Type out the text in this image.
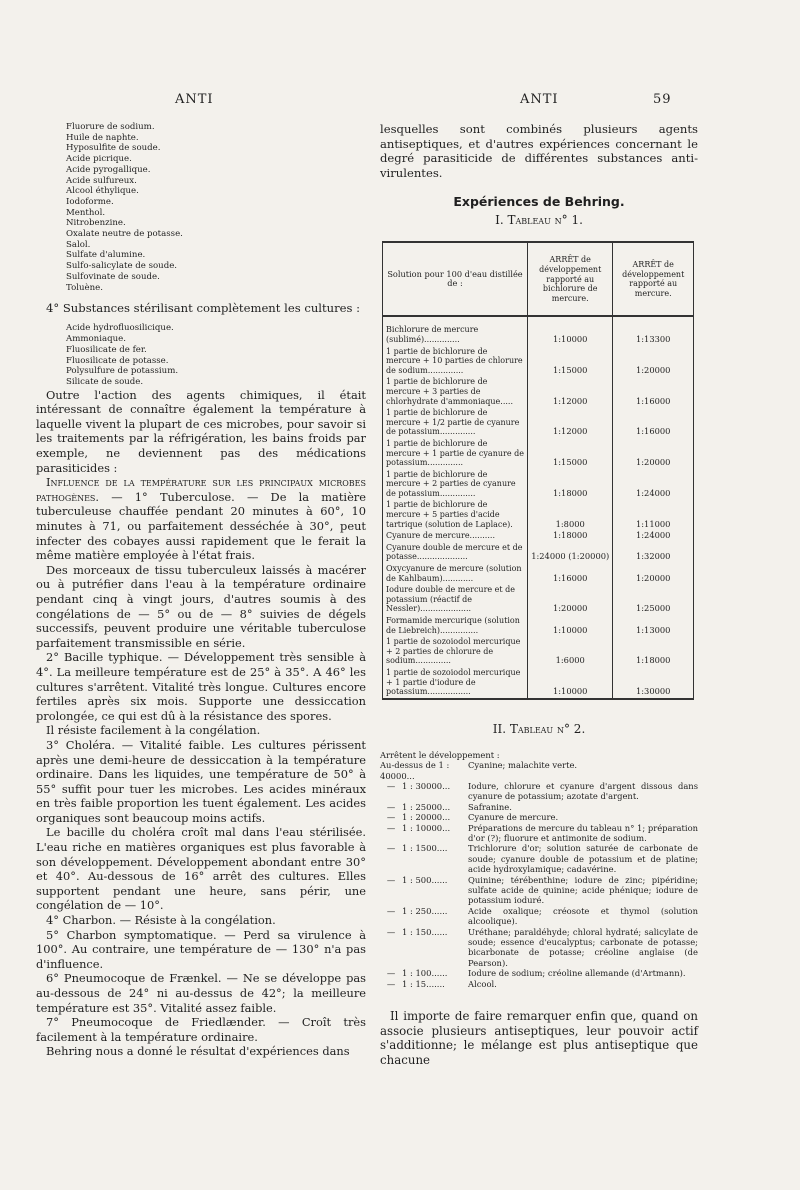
ANTI	ANTI	59
Fluorure de sodium.
Huile de naphte.
Hyposulfite de soude.
Acide picrique.
Acide pyrogallique.
Acide sulfureux.
Alcool éthylique.
Iodoforme.
Menthol.
Nitrobenzine.
Oxalate neutre de potasse.
Salol.
Sulfate d'alumine.
Sulfo-salicylate de soude.
Sulfovinate de soude.
Toluène.

4° Substances stérilisant complètement les cultures :

Acide hydrofluosilicique.
Ammoniaque.
Fluosilicate de fer.
Fluosilicate de potasse.
Polysulfure de potassium.
Silicate de soude.

Outre l'action des agents chimiques, il était intéressant de connaître également la température à laquelle vivent la plupart de ces microbes, pour savoir si les traitements par la réfrigération, les bains froids par exemple, ne deviennent pas des médications parasiticides :

Influence de la température sur les principaux microbes pathogènes. — 1° Tuberculose. — De la matière tuberculeuse chauffée pendant 20 minutes à 60°, 10 minutes à 71, ou parfaitement desséchée à 30°, peut infecter des cobayes aussi rapidement que le ferait la même matière employée à l'état frais.

Des morceaux de tissu tuberculeux laissés à macérer ou à putréfier dans l'eau à la température ordinaire pendant cinq à vingt jours, d'autres soumis à des congélations de — 5° ou de — 8° suivies de dégels successifs, peuvent produire une véritable tuberculose parfaitement transmissible en série.

2° Bacille typhique. — Développement très sensible à 4°. La meilleure température est de 25° à 35°. A 46° les cultures s'arrêtent. Vitalité très longue. Cultures encore fertiles après six mois. Supporte une dessiccation prolongée, ce qui est dû à la résistance des spores.

Il résiste facilement à la congélation.

3° Choléra. — Vitalité faible. Les cultures périssent après une demi-heure de dessiccation à la température ordinaire. Dans les liquides, une température de 50° à 55° suffit pour tuer les microbes. Les acides minéraux en très faible proportion les tuent également. Les acides organiques sont beaucoup moins actifs.

Le bacille du choléra croît mal dans l'eau stérilisée. L'eau riche en matières organiques est plus favorable à son développement. Développement abondant entre 30° et 40°. Au-dessous de 16° arrêt des cultures. Elles supportent pendant une heure, sans périr, une congélation de — 10°.

4° Charbon. — Résiste à la congélation.

5° Charbon symptomatique. — Perd sa virulence à 100°. Au contraire, une température de — 130° n'a pas d'influence.

6° Pneumocoque de Frænkel. — Ne se développe pas au-dessous de 24° ni au-dessus de 42°; la meilleure température est 35°. Vitalité assez faible.

7° Pneumocoque de Friedlænder. — Croît très facilement à la température ordinaire.

Behring nous a donné le résultat d'expériences dans

lesquelles sont combinés plusieurs agents antiseptiques, et d'autres expériences concernant le degré parasiticide de différentes substances anti-virulentes.

Expériences de Behring.
I. Tableau n° 1.
Solution pour 100 d'eau distillée de :	ARRÊT de développement rapporté au bichlorure de mercure.	ARRÊT de développement rapporté au mercure.
Bichlorure de mercure (sublimé)..............	1:10000	1:13300
1 partie de bichlorure de mercure + 10 parties de chlorure de sodium..............	1:15000	1:20000
1 partie de bichlorure de mercure + 3 parties de chlorhydrate d'ammoniaque.....	1:12000	1:16000
1 partie de bichlorure de mercure + 1/2 partie de cyanure de potassium..............	1:12000	1:16000
1 partie de bichlorure de mercure + 1 partie de cyanure de potassium..............	1:15000	1:20000
1 partie de bichlorure de mercure + 2 parties de cyanure de potassium..............	1:18000	1:24000
1 partie de bichlorure de mercure + 5 parties d'acide tartrique (solution de Laplace).	1:8000	1:11000
Cyanure de mercure..........	1:18000	1:24000
Cyanure double de mercure et de potasse....................	1:24000 (1:20000)	1:32000
Oxycyanure de mercure (solution de Kahlbaum)............	1:16000	1:20000
Iodure double de mercure et de potassium (réactif de Nessler)....................	1:20000	1:25000
Formamide mercurique (solution de Liebreich)...............	1:10000	1:13000
1 partie de sozoiodol mercurique + 2 parties de chlorure de sodium..............	1:6000	1:18000
1 partie de sozoiodol mercurique + 1 partie d'iodure de potassium.................	1:10000	1:30000
II. Tableau n° 2.

Arrêtent le développement :

Au-dessus de 1 : 40000...
Cyanine; malachite verte.
— 1 : 30000...	Iodure, chlorure et cyanure d'argent dissous dans cyanure de potassium; azotate d'argent.
— 1 : 25000...	Safranine.
— 1 : 20000...	Cyanure de mercure.
— 1 : 10000...	Préparations de mercure du tableau n° 1; préparation d'or (?); fluorure et antimonite de sodium.
— 1 : 1500....	Trichlorure d'or; solution saturée de carbonate de soude; cyanure double de potassium et de platine; acide hydroxylamique; cadavérine.
— 1 : 500......	Quinine; térébenthine; iodure de zinc; pipéridine; sulfate acide de quinine; acide phénique; iodure de potassium ioduré.
— 1 : 250......	Acide oxalique; créosote et thymol (solution alcoolique).
— 1 : 150......	Uréthane; paraldéhyde; chloral hydraté; salicylate de soude; essence d'eucalyptus; carbonate de potasse; bicarbonate de potasse; créoline anglaise (de Pearson).
— 1 : 100......	Iodure de sodium; créoline allemande (d'Artmann).
— 1 : 15.......	Alcool.

Il importe de faire remarquer enfin que, quand on associe plusieurs antiseptiques, leur pouvoir actif s'additionne; le mélange est plus antiseptique que chacune
